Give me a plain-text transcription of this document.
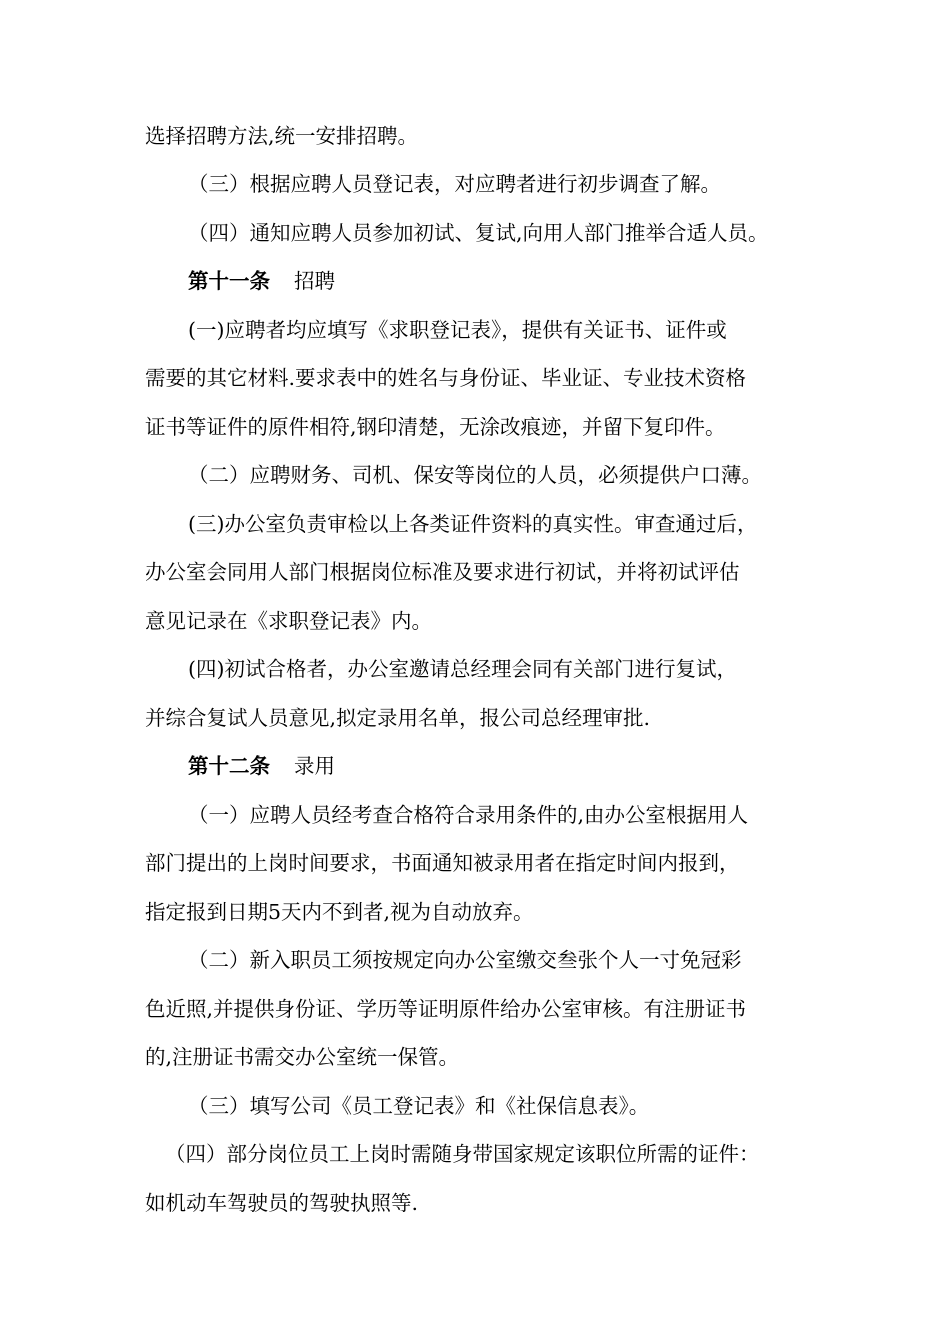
选择招聘方法,统一安排招聘。
（三）根据应聘人员登记表，对应聘者进行初步调查了解。
（四）通知应聘人员参加初试、复试,向用人部门推举合适人员。
第十一条 招聘
(一)应聘者均应填写《求职登记表》，提供有关证书、证件或
需要的其它材料.要求表中的姓名与身份证、毕业证、专业技术资格
证书等证件的原件相符,钢印清楚，无涂改痕迹，并留下复印件。
（二）应聘财务、司机、保安等岗位的人员，必须提供户口薄。
(三)办公室负责审检以上各类证件资料的真实性。审查通过后，
办公室会同用人部门根据岗位标准及要求进行初试，并将初试评估
意见记录在《求职登记表》内。
(四)初试合格者，办公室邀请总经理会同有关部门进行复试，
并综合复试人员意见,拟定录用名单，报公司总经理审批.
第十二条 录用
（一）应聘人员经考查合格符合录用条件的,由办公室根据用人
部门提出的上岗时间要求，书面通知被录用者在指定时间内报到，
指定报到日期5天内不到者,视为自动放弃。
（二）新入职员工须按规定向办公室缴交叁张个人一寸免冠彩
色近照,并提供身份证、学历等证明原件给办公室审核。有注册证书
的,注册证书需交办公室统一保管。
（三）填写公司《员工登记表》和《社保信息表》。
（四）部分岗位员工上岗时需随身带国家规定该职位所需的证件：
如机动车驾驶员的驾驶执照等.
